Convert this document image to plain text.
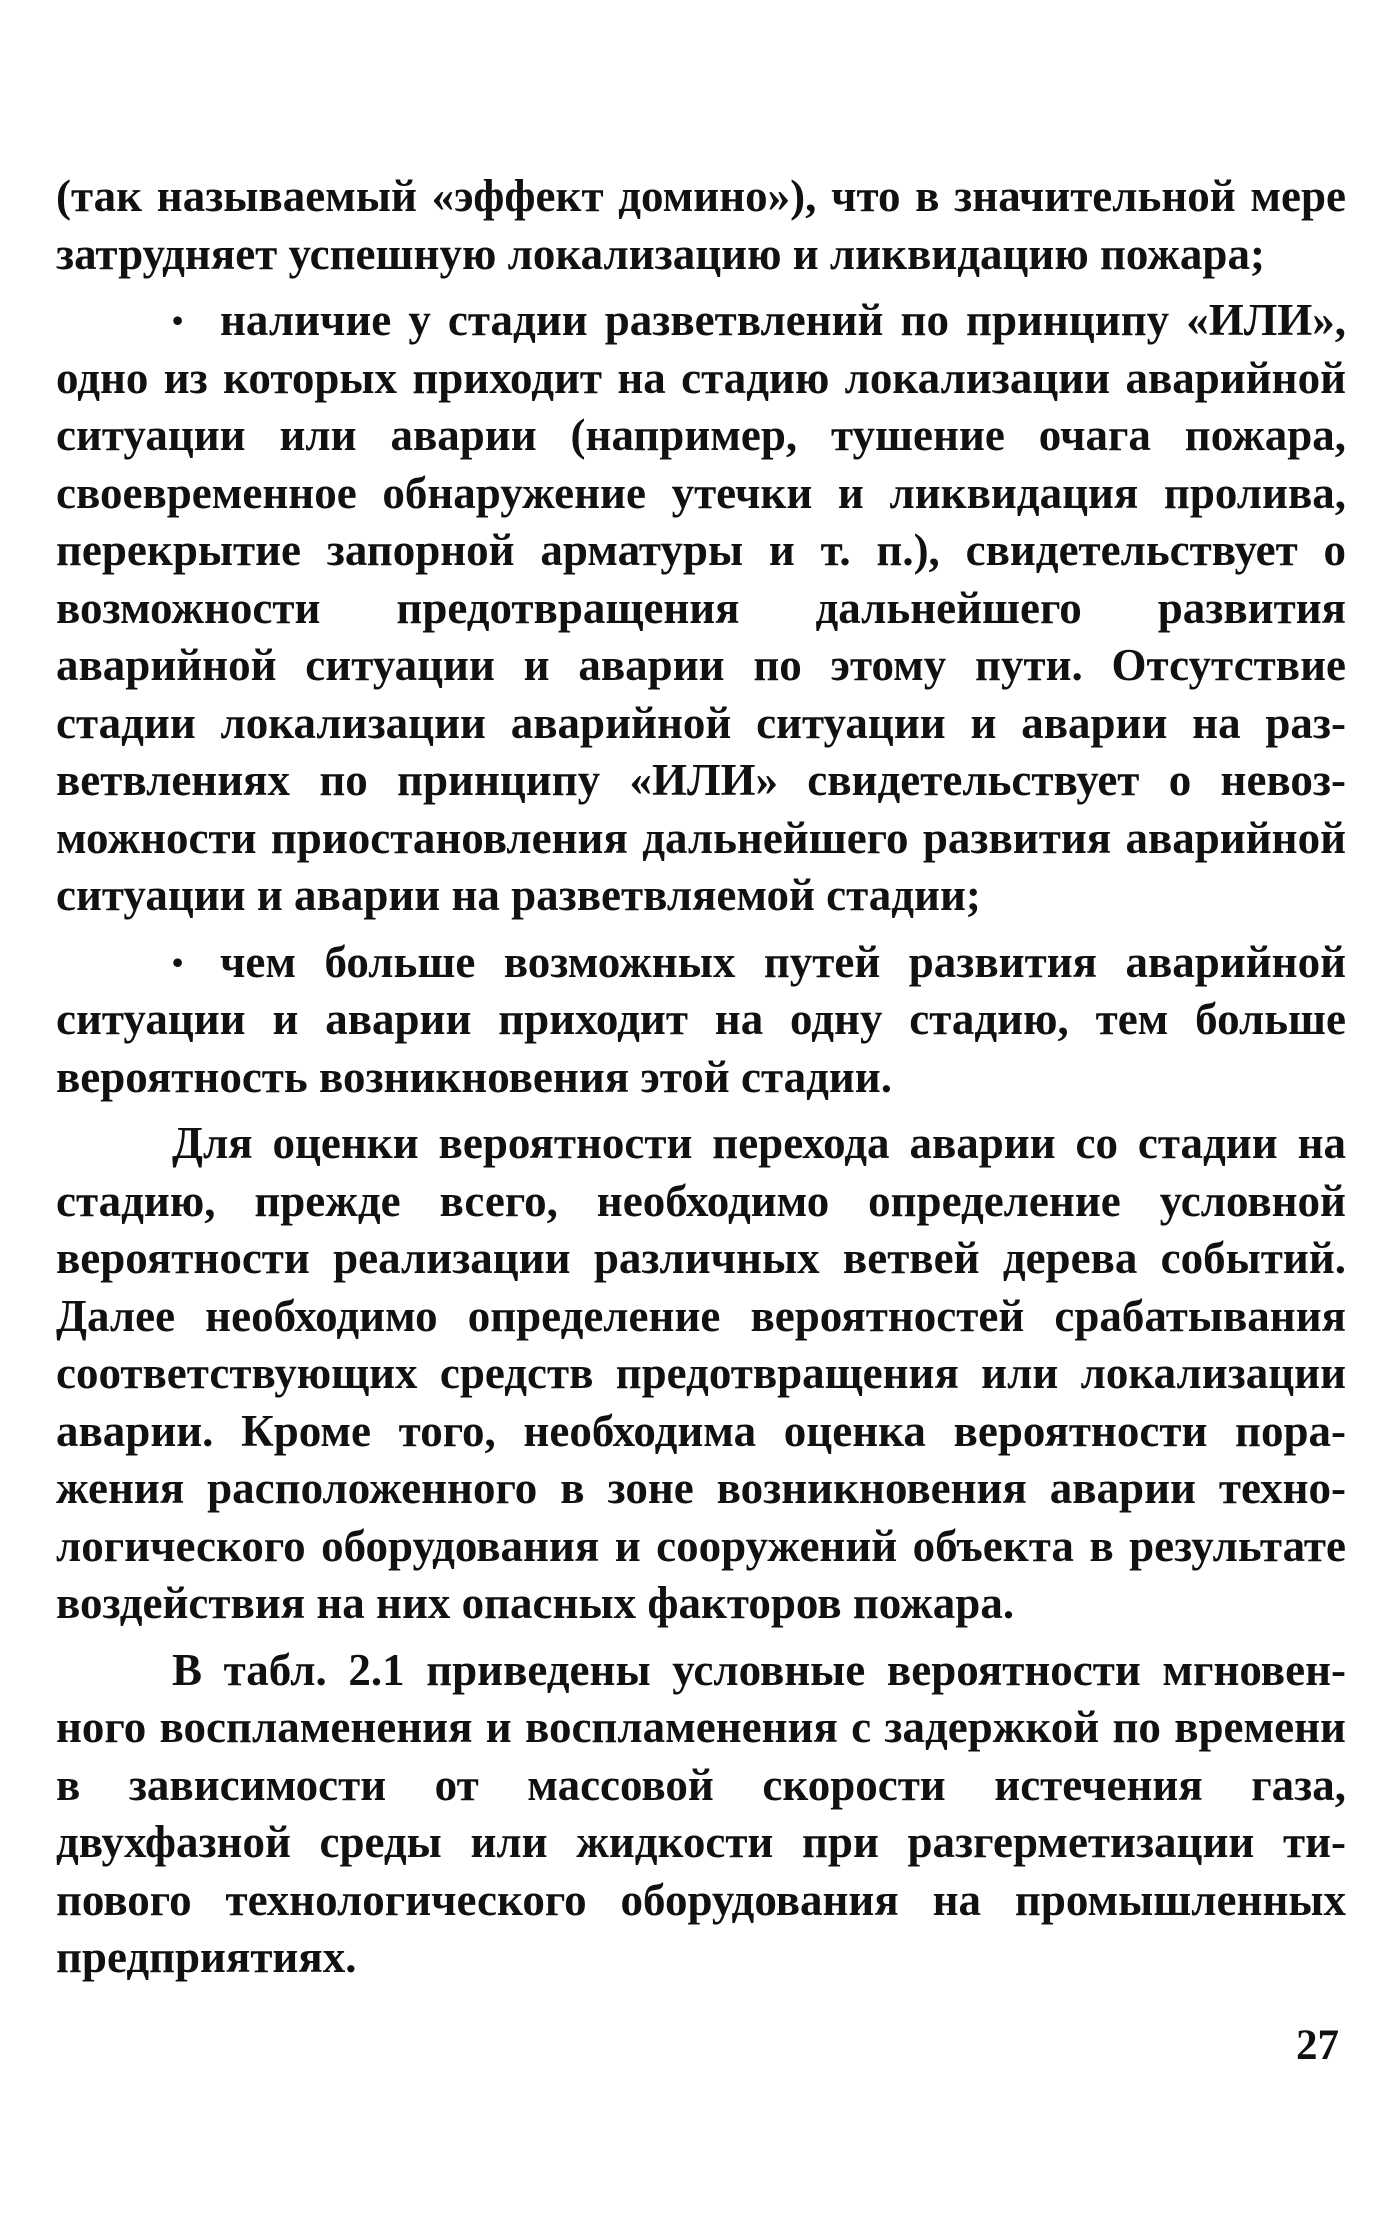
(так называемый «эффект домино»), что в значительной мере затрудняет успешную локализацию и ликвидацию пожара;

• наличие у стадии разветвлений по принципу «ИЛИ», одно из которых приходит на стадию локализации аварийной ситуации или аварии (например, тушение очага пожара, своевременное обнаружение утечки и ликвидация пролива, перекрытие запорной арматуры и т. п.), свидетельствует о возможности предотвращения дальнейшего развития аварийной ситуации и аварии по этому пути. Отсутствие стадии локализации аварийной ситуации и аварии на разветвлениях по принципу «ИЛИ» свидетельствует о невозможности приостановления дальнейшего развития аварийной ситуации и аварии на разветвляемой стадии;

• чем больше возможных путей развития аварийной ситуации и аварии приходит на одну стадию, тем больше вероятность возникновения этой стадии.

Для оценки вероятности перехода аварии со стадии на стадию, прежде всего, необходимо определение условной вероятности реализации различных ветвей дерева событий. Далее необходимо определение вероятностей срабатывания соответствующих средств предотвращения или локализации аварии. Кроме того, необходима оценка вероятности поражения расположенного в зоне возникновения аварии технологического оборудования и сооружений объекта в результате воздействия на них опасных факторов пожара.

В табл. 2.1 приведены условные вероятности мгновенного воспламенения и воспламенения с задержкой по времени в зависимости от массовой скорости истечения газа, двухфазной среды или жидкости при разгерметизации типового технологического оборудования на промышленных предприятиях.

27
